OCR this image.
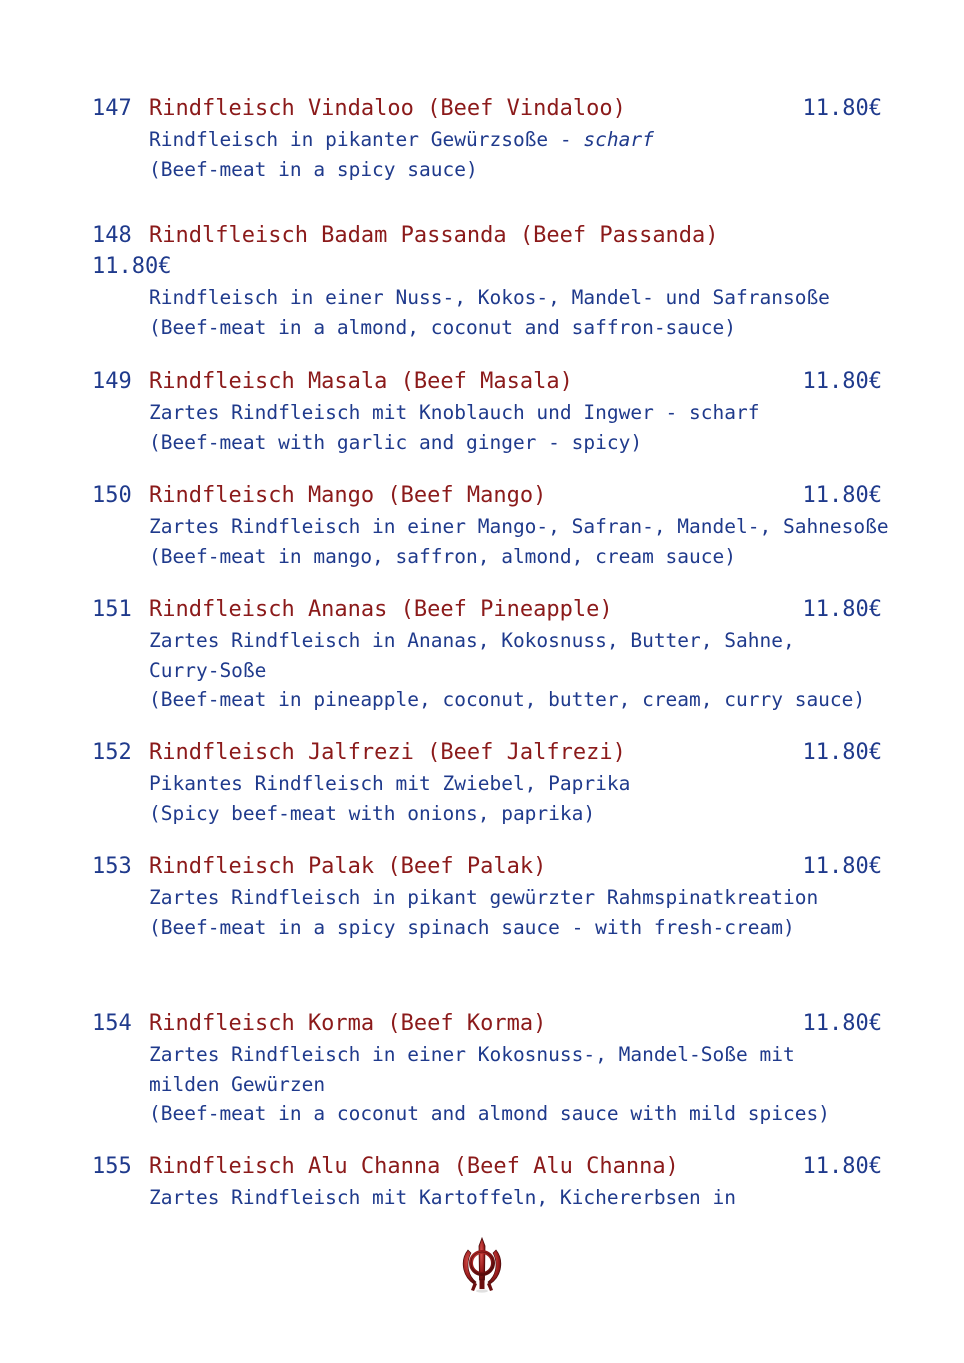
147 Rindfleisch Vindaloo (Beef Vindaloo)	11.80€
Rindfleisch in pikanter Gewürzsoße - scharf
(Beef-meat in a spicy sauce)
148 Rindlfleisch Badam Passanda (Beef Passanda)
11.80€
Rindfleisch in einer Nuss-, Kokos-, Mandel- und Safransoße
(Beef-meat in a almond, coconut and saffron-sauce)
149 Rindfleisch Masala (Beef Masala)	11.80€
Zartes Rindfleisch mit Knoblauch und Ingwer - scharf
(Beef-meat with garlic and ginger - spicy)
150 Rindfleisch Mango (Beef Mango)	11.80€
Zartes Rindfleisch in einer Mango-, Safran-, Mandel-, Sahnesoße
(Beef-meat in mango, saffron, almond, cream sauce)
151 Rindfleisch Ananas (Beef Pineapple)	11.80€
Zartes Rindfleisch in Ananas, Kokosnuss, Butter, Sahne,
Curry-Soße
(Beef-meat in pineapple, coconut, butter, cream, curry sauce)
152 Rindfleisch Jalfrezi (Beef Jalfrezi)	11.80€
Pikantes Rindfleisch mit Zwiebel, Paprika
(Spicy beef-meat with onions, paprika)
153 Rindfleisch Palak (Beef Palak)	11.80€
Zartes Rindfleisch in pikant gewürzter Rahmspinatkreation
(Beef-meat in a spicy spinach sauce - with fresh-cream)
154 Rindfleisch Korma (Beef Korma)	11.80€
Zartes Rindfleisch in einer Kokosnuss-, Mandel-Soße mit
milden Gewürzen
(Beef-meat in a coconut and almond sauce with mild spices)
155 Rindfleisch Alu Channa (Beef Alu Channa)	11.80€
Zartes Rindfleisch mit Kartoffeln, Kichererbsen in
